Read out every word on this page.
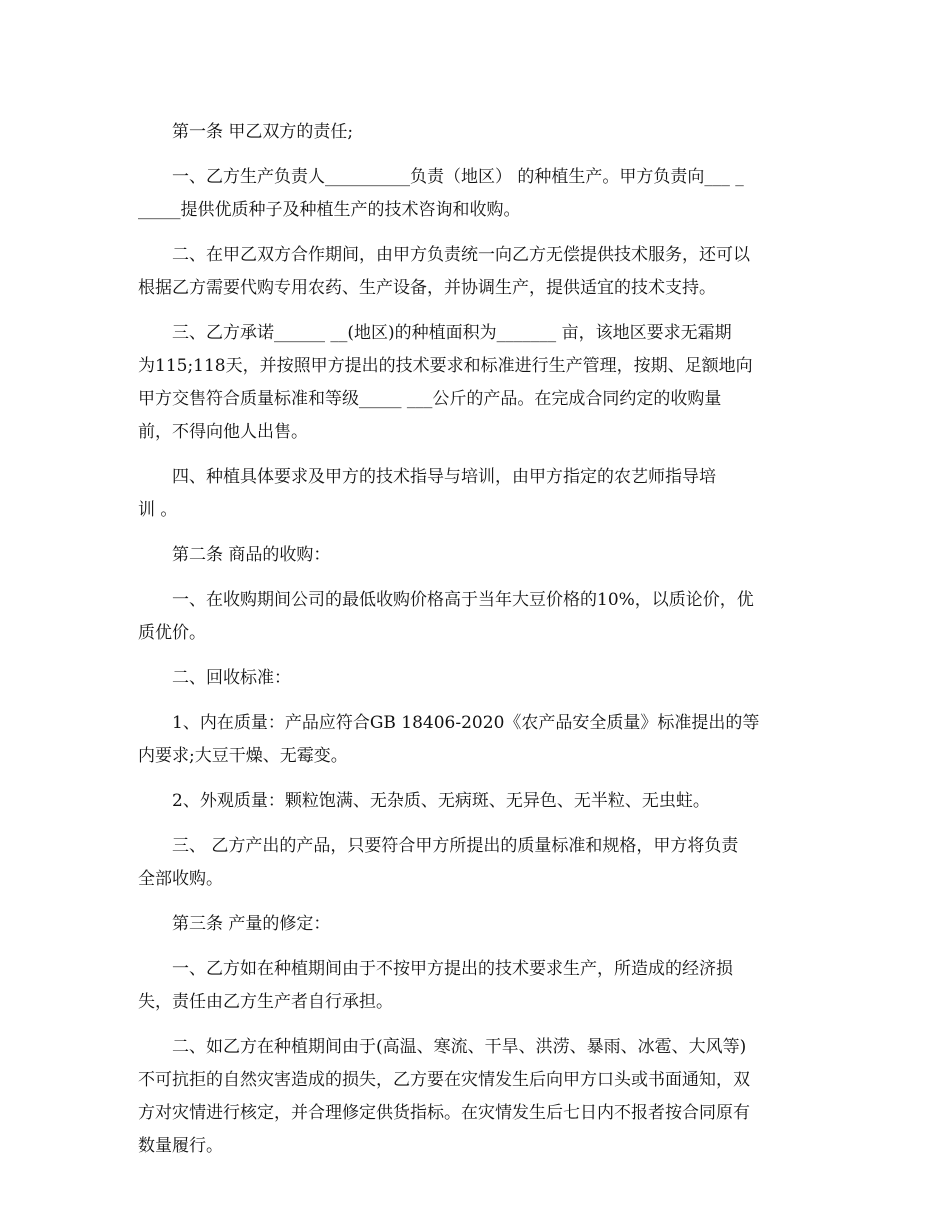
第一条 甲乙双方的责任;
一、乙方生产负责人__________负责（地区） 的种植生产。甲方负责向___ _
_____提供优质种子及种植生产的技术咨询和收购。
二、在甲乙双方合作期间，由甲方负责统一向乙方无偿提供技术服务，还可以
根据乙方需要代购专用农药、生产设备，并协调生产，提供适宜的技术支持。
三、乙方承诺______ __(地区)的种植面积为_______ 亩，该地区要求无霜期
为115;118天，并按照甲方提出的技术要求和标准进行生产管理，按期、足额地向
甲方交售符合质量标准和等级_____ ___公斤的产品。在完成合同约定的收购量
前，不得向他人出售。
四、种植具体要求及甲方的技术指导与培训，由甲方指定的农艺师指导培
训 。
第二条 商品的收购：
一、在收购期间公司的最低收购价格高于当年大豆价格的10%，以质论价，优
质优价。
二、回收标准：
1、内在质量：产品应符合GB 18406-2020《农产品安全质量》标准提出的等
内要求;大豆干燥、无霉变。
2、外观质量：颗粒饱满、无杂质、无病斑、无异色、无半粒、无虫蛀。
三、 乙方产出的产品，只要符合甲方所提出的质量标准和规格，甲方将负责
全部收购。
第三条 产量的修定：
一、乙方如在种植期间由于不按甲方提出的技术要求生产，所造成的经济损
失，责任由乙方生产者自行承担。
二、如乙方在种植期间由于(高温、寒流、干旱、洪涝、暴雨、冰雹、大风等)
不可抗拒的自然灾害造成的损失，乙方要在灾情发生后向甲方口头或书面通知，双
方对灾情进行核定，并合理修定供货指标。在灾情发生后七日内不报者按合同原有
数量履行。
